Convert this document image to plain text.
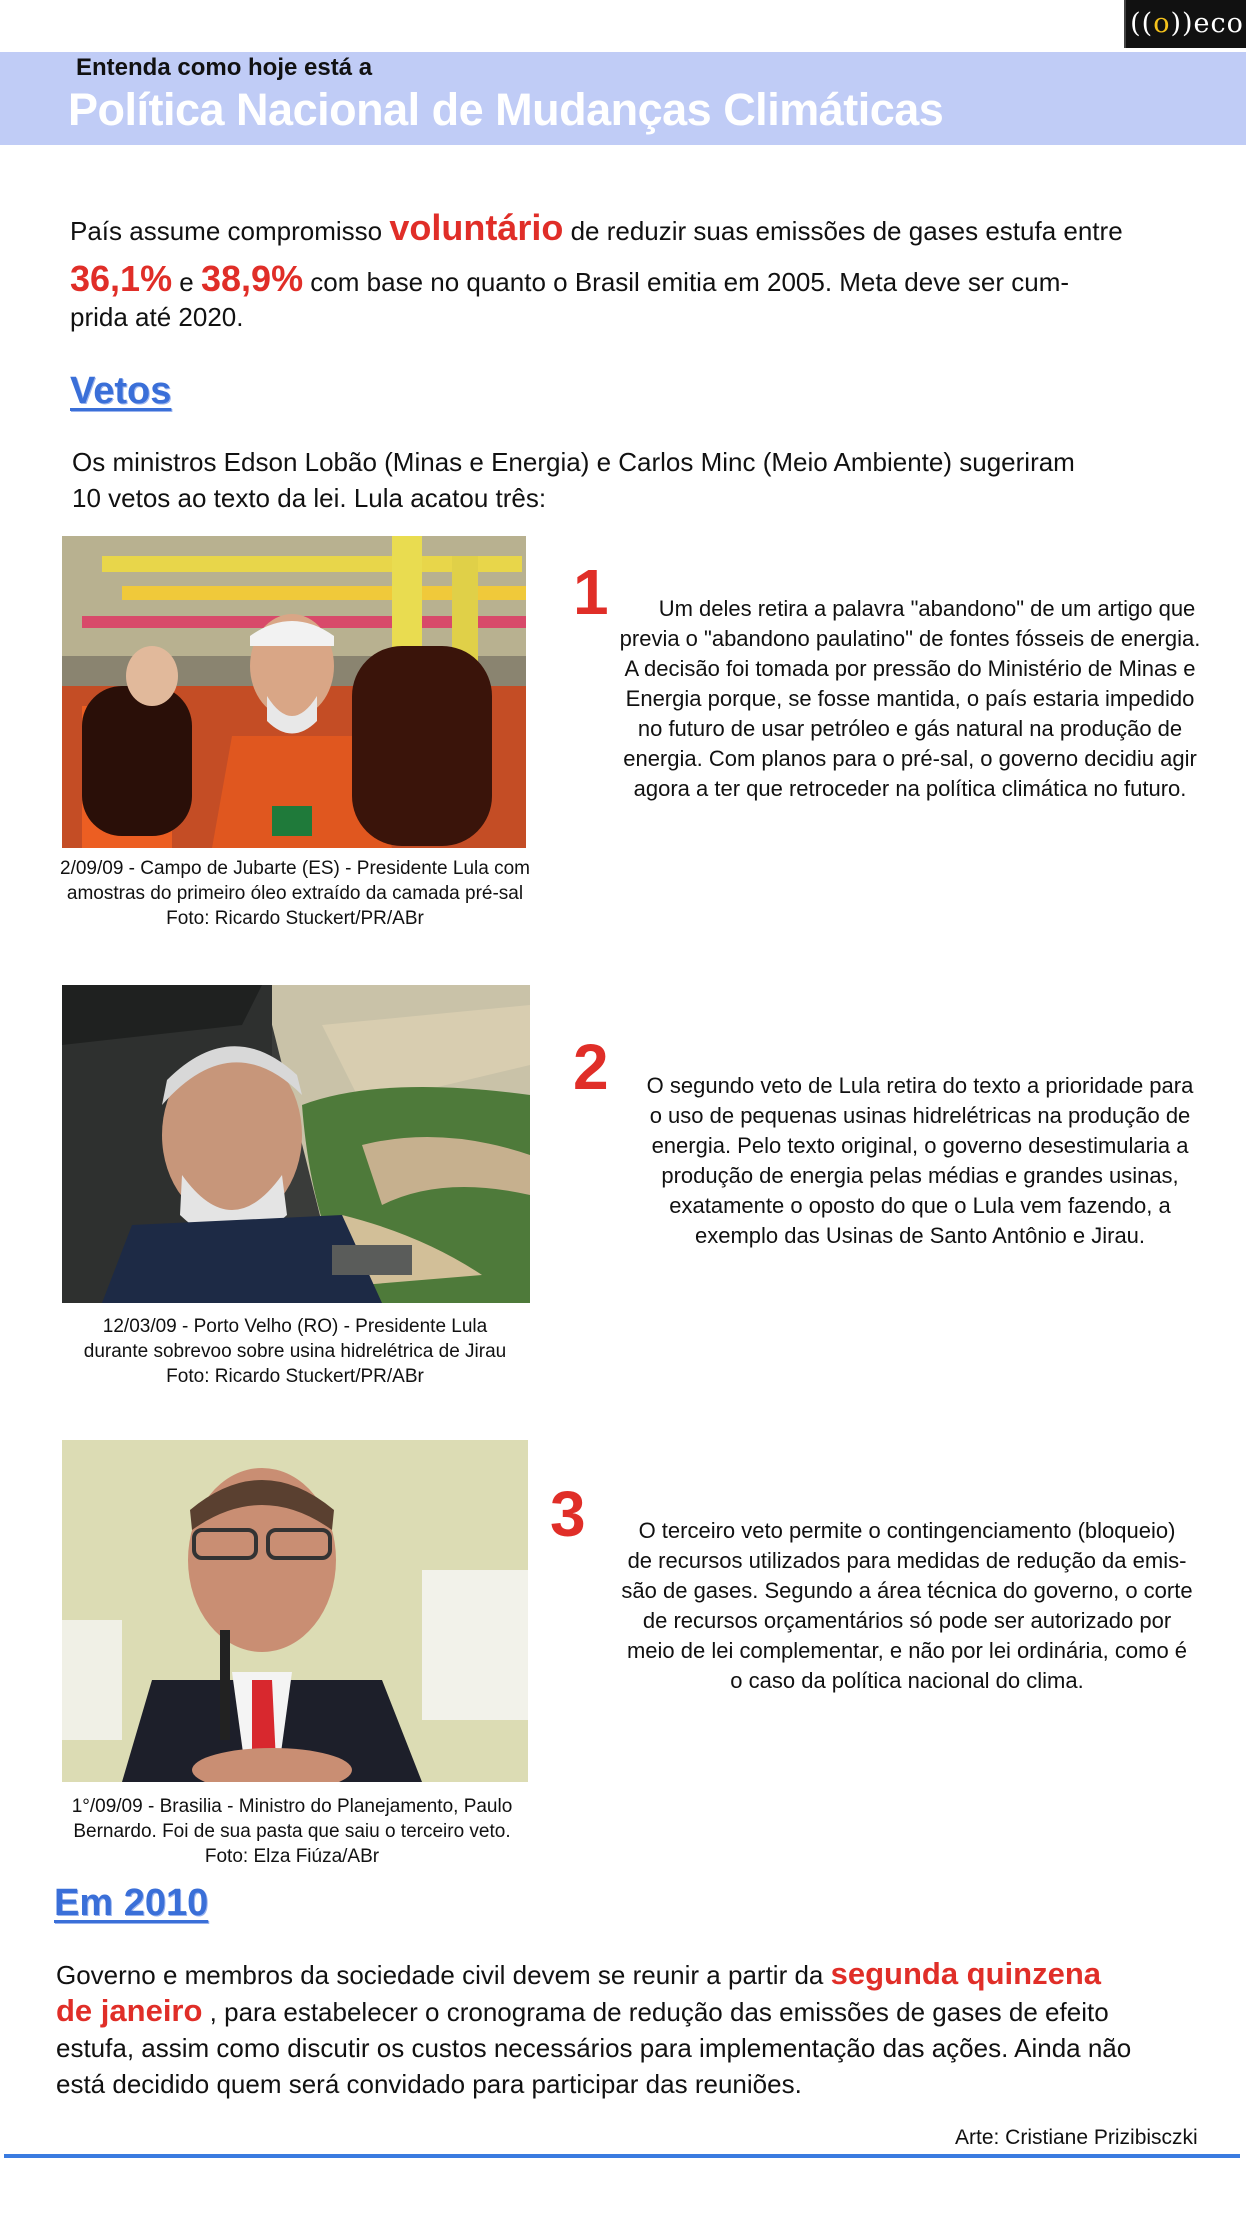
((o))eco
Entenda como hoje está a
Política Nacional de Mudanças Climáticas
País assume compromisso voluntário de reduzir suas emissões de gases estufa entre
36,1% e 38,9% com base no quanto o Brasil emitia em 2005. Meta deve ser cum-
prida até 2020.
Vetos
Os ministros Edson Lobão (Minas e Energia) e Carlos Minc (Meio Ambiente) sugeriram
10 vetos ao texto da lei. Lula acatou três:
2/09/09 - Campo de Jubarte (ES) - Presidente Lula com
amostras do primeiro óleo extraído da camada pré-sal
Foto: Ricardo Stuckert/PR/ABr
1	Um deles retira a palavra "abandono" de um artigo que
previa o "abandono paulatino" de fontes fósseis de energia.
A decisão foi tomada por pressão do Ministério de Minas e
Energia porque, se fosse mantida, o país estaria impedido
no futuro de usar petróleo e gás natural na produção de
energia. Com planos para o pré-sal, o governo decidiu agir
agora a ter que retroceder na política climática no futuro.
12/03/09 - Porto Velho (RO) - Presidente Lula
durante sobrevoo sobre usina hidrelétrica de Jirau
Foto: Ricardo Stuckert/PR/ABr
2	O segundo veto de Lula retira do texto a prioridade para
o uso de pequenas usinas hidrelétricas na produção de
energia. Pelo texto original, o governo desestimularia a
produção de energia pelas médias e grandes usinas,
exatamente o oposto do que o Lula vem fazendo, a
exemplo das Usinas de Santo Antônio e Jirau.
1°/09/09 - Brasilia - Ministro do Planejamento, Paulo
Bernardo. Foi de sua pasta que saiu o terceiro veto.
Foto: Elza Fiúza/ABr
3	O terceiro veto permite o contingenciamento (bloqueio)
de recursos utilizados para medidas de redução da emis-
são de gases. Segundo a área técnica do governo, o corte
de recursos orçamentários só pode ser autorizado por
meio de lei complementar, e não por lei ordinária, como é
o caso da política nacional do clima.
Em 2010
Governo e membros da sociedade civil devem se reunir a partir da segunda quinzena
de janeiro , para estabelecer o cronograma de redução das emissões de gases de efeito
estufa, assim como discutir os custos necessários para implementação das ações. Ainda não
está decidido quem será convidado para participar das reuniões.
Arte: Cristiane Prizibisczki
